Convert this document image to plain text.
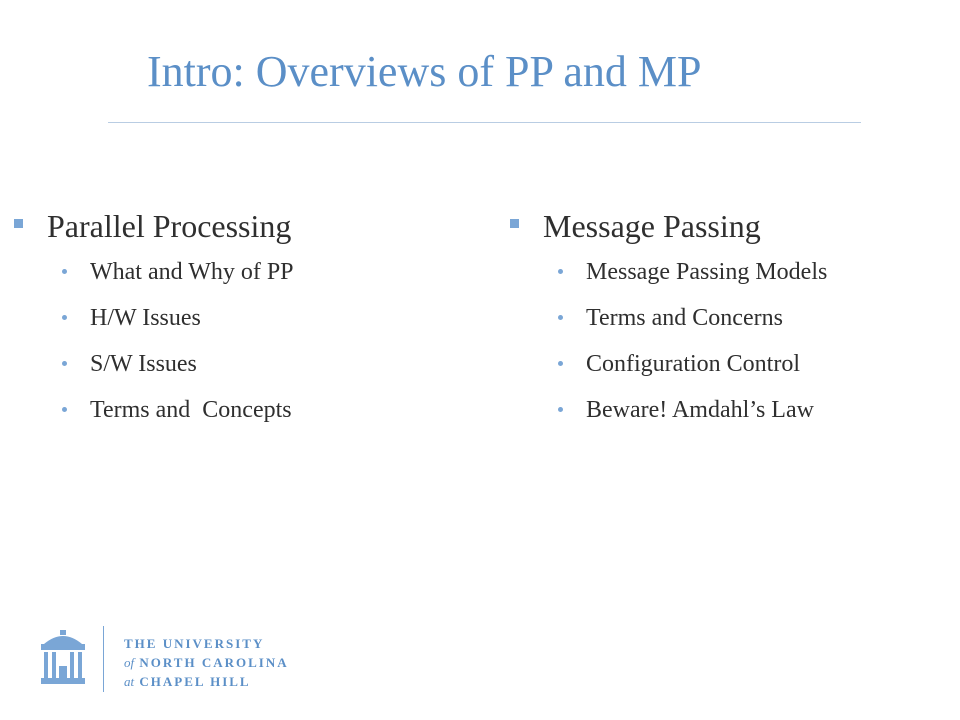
Intro: Overviews of PP and MP
Parallel Processing
What and Why of PP
H/W Issues
S/W Issues
Terms and  Concepts
Message Passing
Message Passing Models
Terms and Concerns
Configuration Control
Beware! Amdahl’s Law
THE UNIVERSITY
of NORTH CAROLINA
at CHAPEL HILL
